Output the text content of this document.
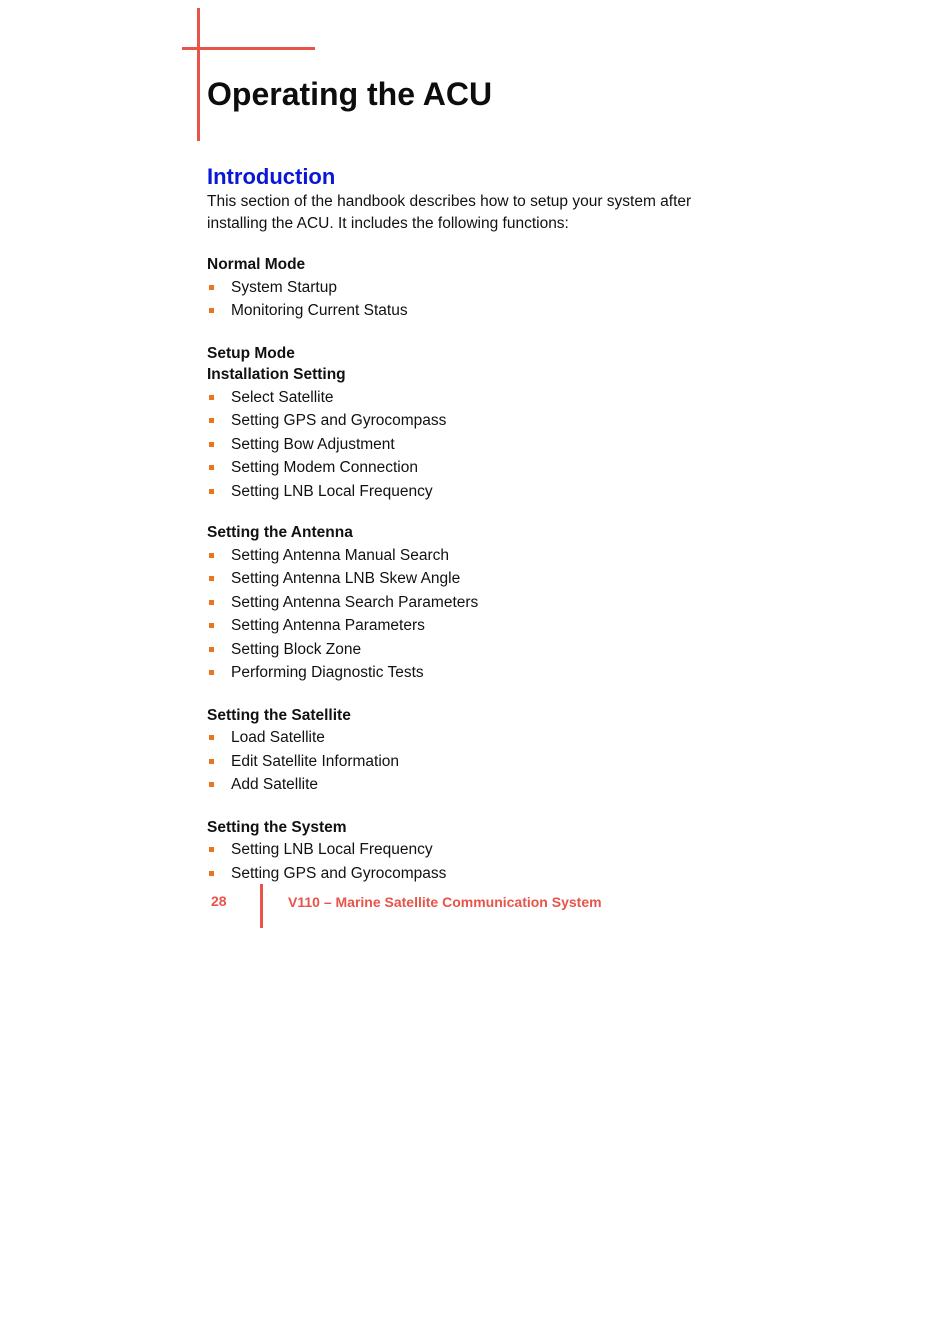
Operating the ACU
Introduction

This section of the handbook describes how to setup your system after

installing the ACU. It includes the following functions:

Normal Mode

System Startup
Monitoring Current Status

Setup Mode

Installation Setting

Select Satellite
Setting GPS and Gyrocompass
Setting Bow Adjustment
Setting Modem Connection
Setting LNB Local Frequency

Setting the Antenna

Setting Antenna Manual Search
Setting Antenna LNB Skew Angle
Setting Antenna Search Parameters
Setting Antenna Parameters
Setting Block Zone
Performing Diagnostic Tests

Setting the Satellite

Load Satellite
Edit Satellite Information
Add Satellite

Setting the System

Setting LNB Local Frequency
Setting GPS and Gyrocompass
28	V110 – Marine Satellite Communication System
